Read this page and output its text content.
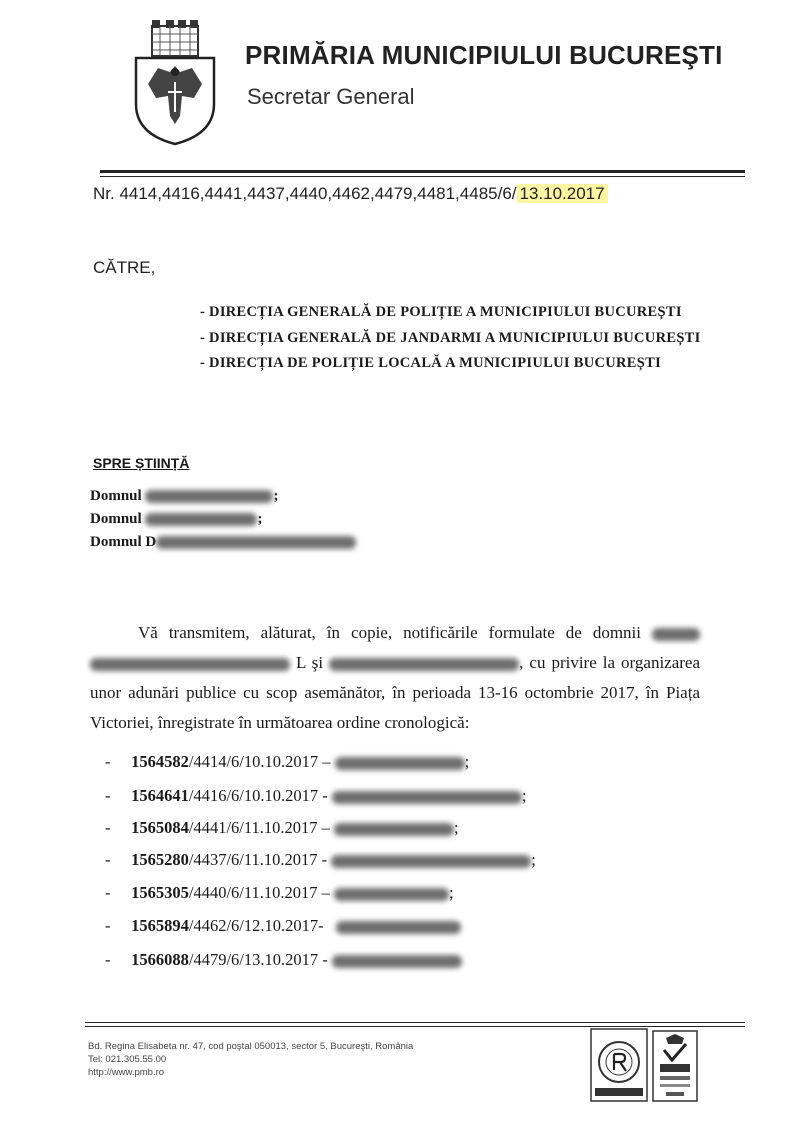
PRIMĂRIA MUNICIPIULUI BUCUREŞTI
Secretar General
Nr. 4414,4416,4441,4437,4440,4462,4479,4481,4485/6/ 13.10.2017
CĂTRE,
- DIRECȚIA GENERALĂ DE POLIȚIE A MUNICIPIULUI BUCUREȘTI
- DIRECȚIA GENERALĂ DE JANDARMI A MUNICIPIULUI BUCUREȘTI
- DIRECȚIA DE POLIȚIE LOCALĂ A MUNICIPIULUI BUCUREȘTI
SPRE ȘTIINȚĂ
Domnul	;
Domnul	;
Domnul D
Vă transmitem, alăturat, în copie, notificările formulate de domnii   L şi	, cu privire la organizarea unor adunări publice cu scop asemănător, în perioada 13-16 octombrie 2017, în Piața Victoriei, înregistrate în următoarea ordine cronologică:
- 1564582/4414/6/10.10.2017 –	;
- 1564641/4416/6/10.10.2017 -	;
- 1565084/4441/6/11.10.2017 –	;
- 1565280/4437/6/11.10.2017 -	;
- 1565305/4440/6/11.10.2017 –	;
- 1565894/4462/6/12.10.2017-
- 1566088/4479/6/13.10.2017 -
Bd. Regina Elisabeta nr. 47, cod poştal 050013, sector 5, Bucureşti, România
Tel: 021.305.55.00
http://www.pmb.ro
